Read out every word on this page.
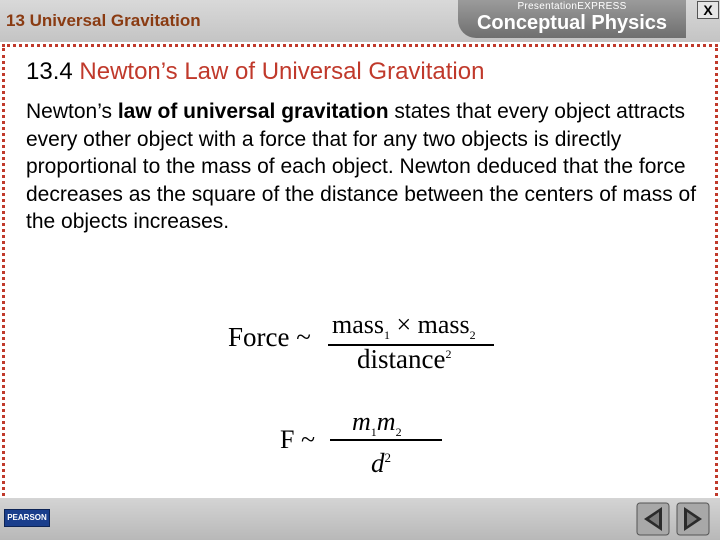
13 Universal Gravitation
PresentationEXPRESS
Conceptual Physics
X
13.4 Newton’s Law of Universal Gravitation
Newton’s law of universal gravitation states that every object attracts every other object with a force that for any two objects is directly proportional to the mass of each object. Newton deduced that the force decreases as the square of the distance between the centers of mass of the objects increases.
Force ~ mass$_1$ × mass$_2$
distance$^2$
F ~
$m_1m_2$
$d^2$
PEARSON
